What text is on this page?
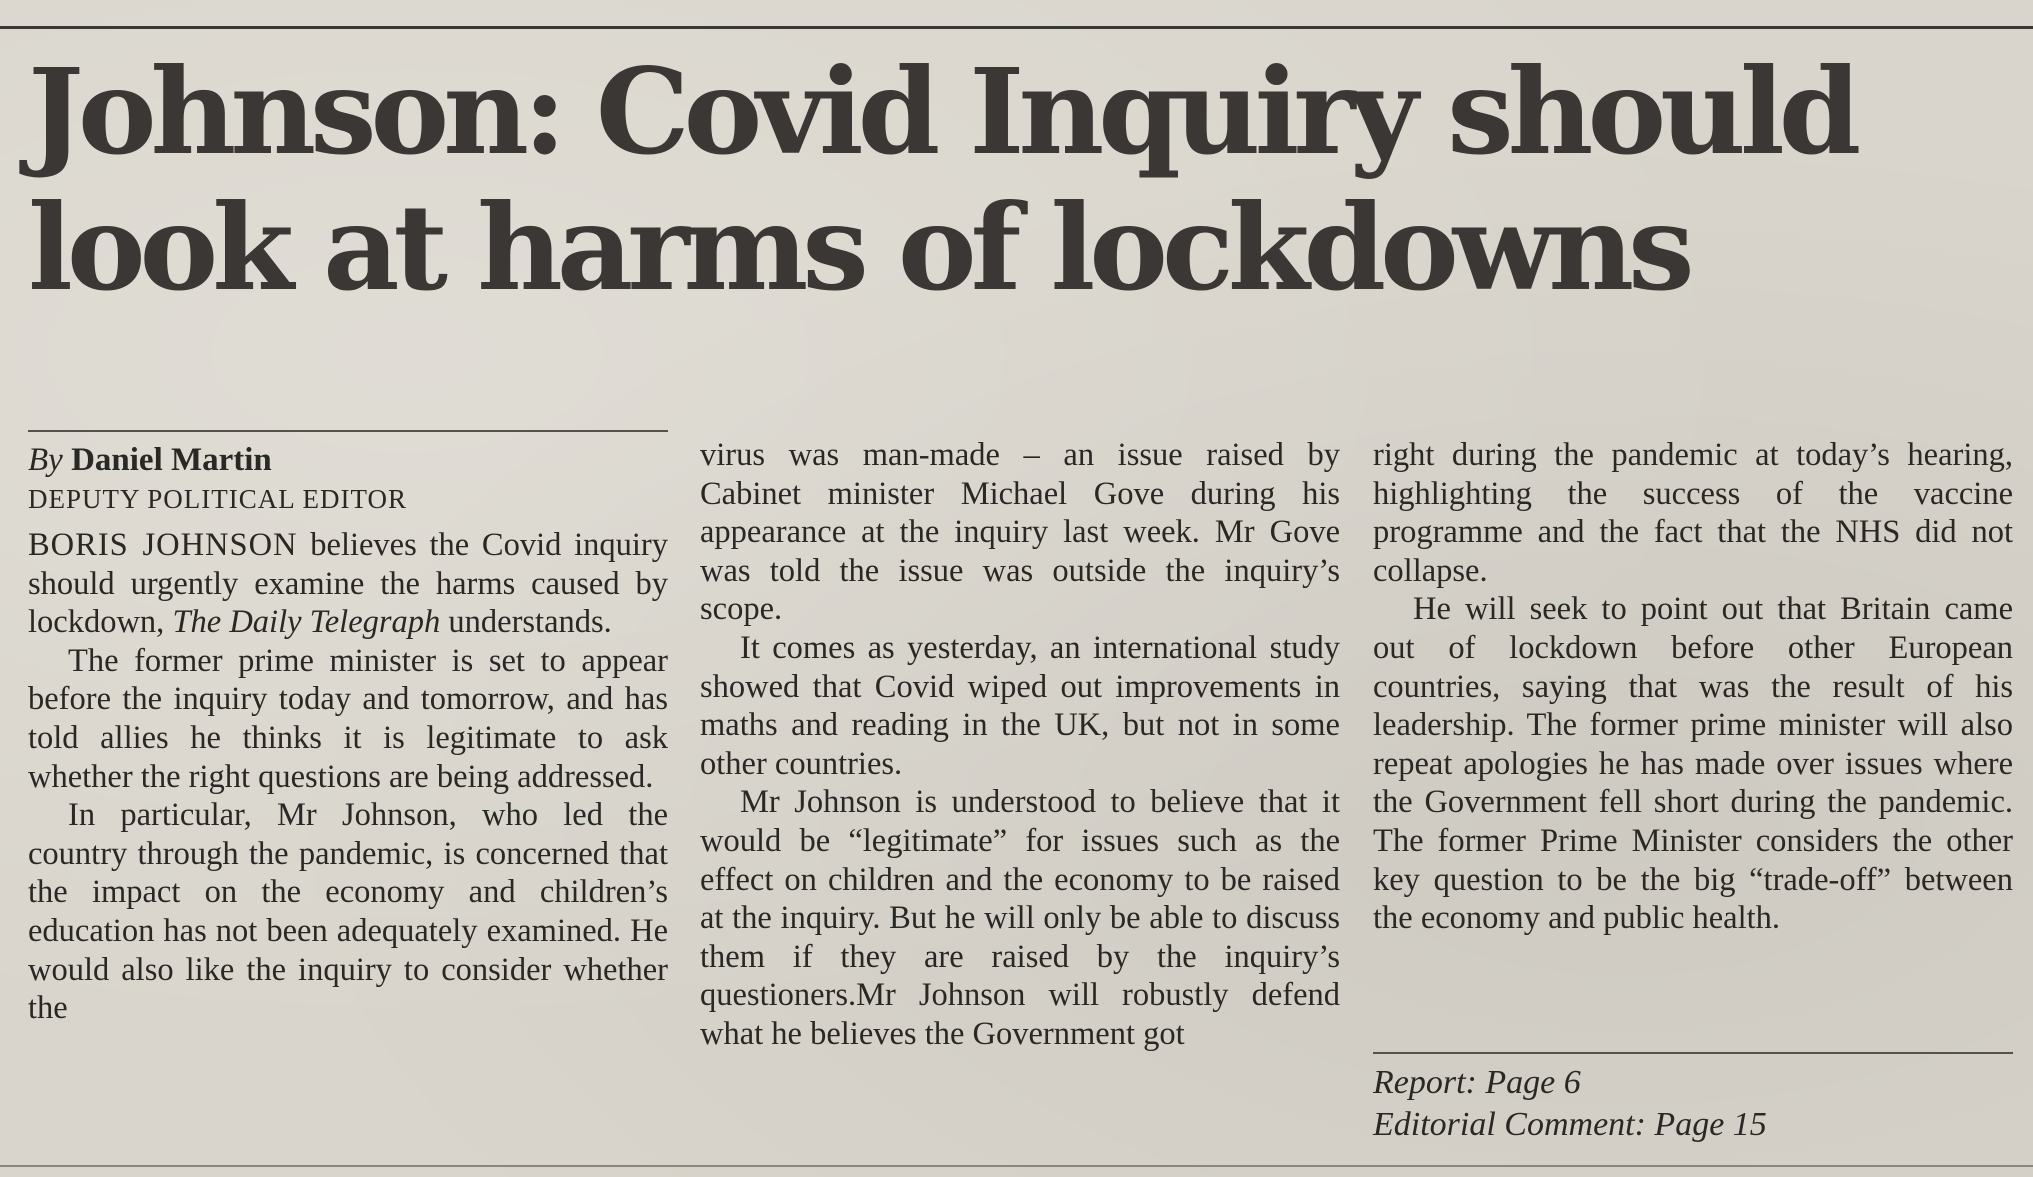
Johnson: Covid Inquiry should
look at harms of lockdowns
By Daniel Martin
DEPUTY POLITICAL EDITOR

BORIS JOHNSON believes the Covid inquiry should urgently examine the harms caused by lockdown, The Daily Telegraph understands.

The former prime minister is set to appear before the inquiry today and tomorrow, and has told allies he thinks it is legitimate to ask whether the right questions are being addressed.

In particular, Mr Johnson, who led the country through the pandemic, is concerned that the impact on the economy and children’s education has not been adequately examined. He would also like the inquiry to consider whether the

virus was man-made – an issue raised by Cabinet minister Michael Gove during his appearance at the inquiry last week. Mr Gove was told the issue was outside the inquiry’s scope.

It comes as yesterday, an international study showed that Covid wiped out improvements in maths and reading in the UK, but not in some other countries.

Mr Johnson is understood to believe that it would be “legitimate” for issues such as the effect on children and the economy to be raised at the inquiry. But he will only be able to discuss them if they are raised by the inquiry’s questioners.Mr Johnson will robustly defend what he believes the Government got

right during the pandemic at today’s hearing, highlighting the success of the vaccine programme and the fact that the NHS did not collapse.

He will seek to point out that Britain came out of lockdown before other European countries, saying that was the result of his leadership. The former prime minister will also repeat apologies he has made over issues where the Government fell short during the pandemic. The former Prime Minister considers the other key question to be the big “trade-off” between the economy and public health.

Report: Page 6
Editorial Comment: Page 15
